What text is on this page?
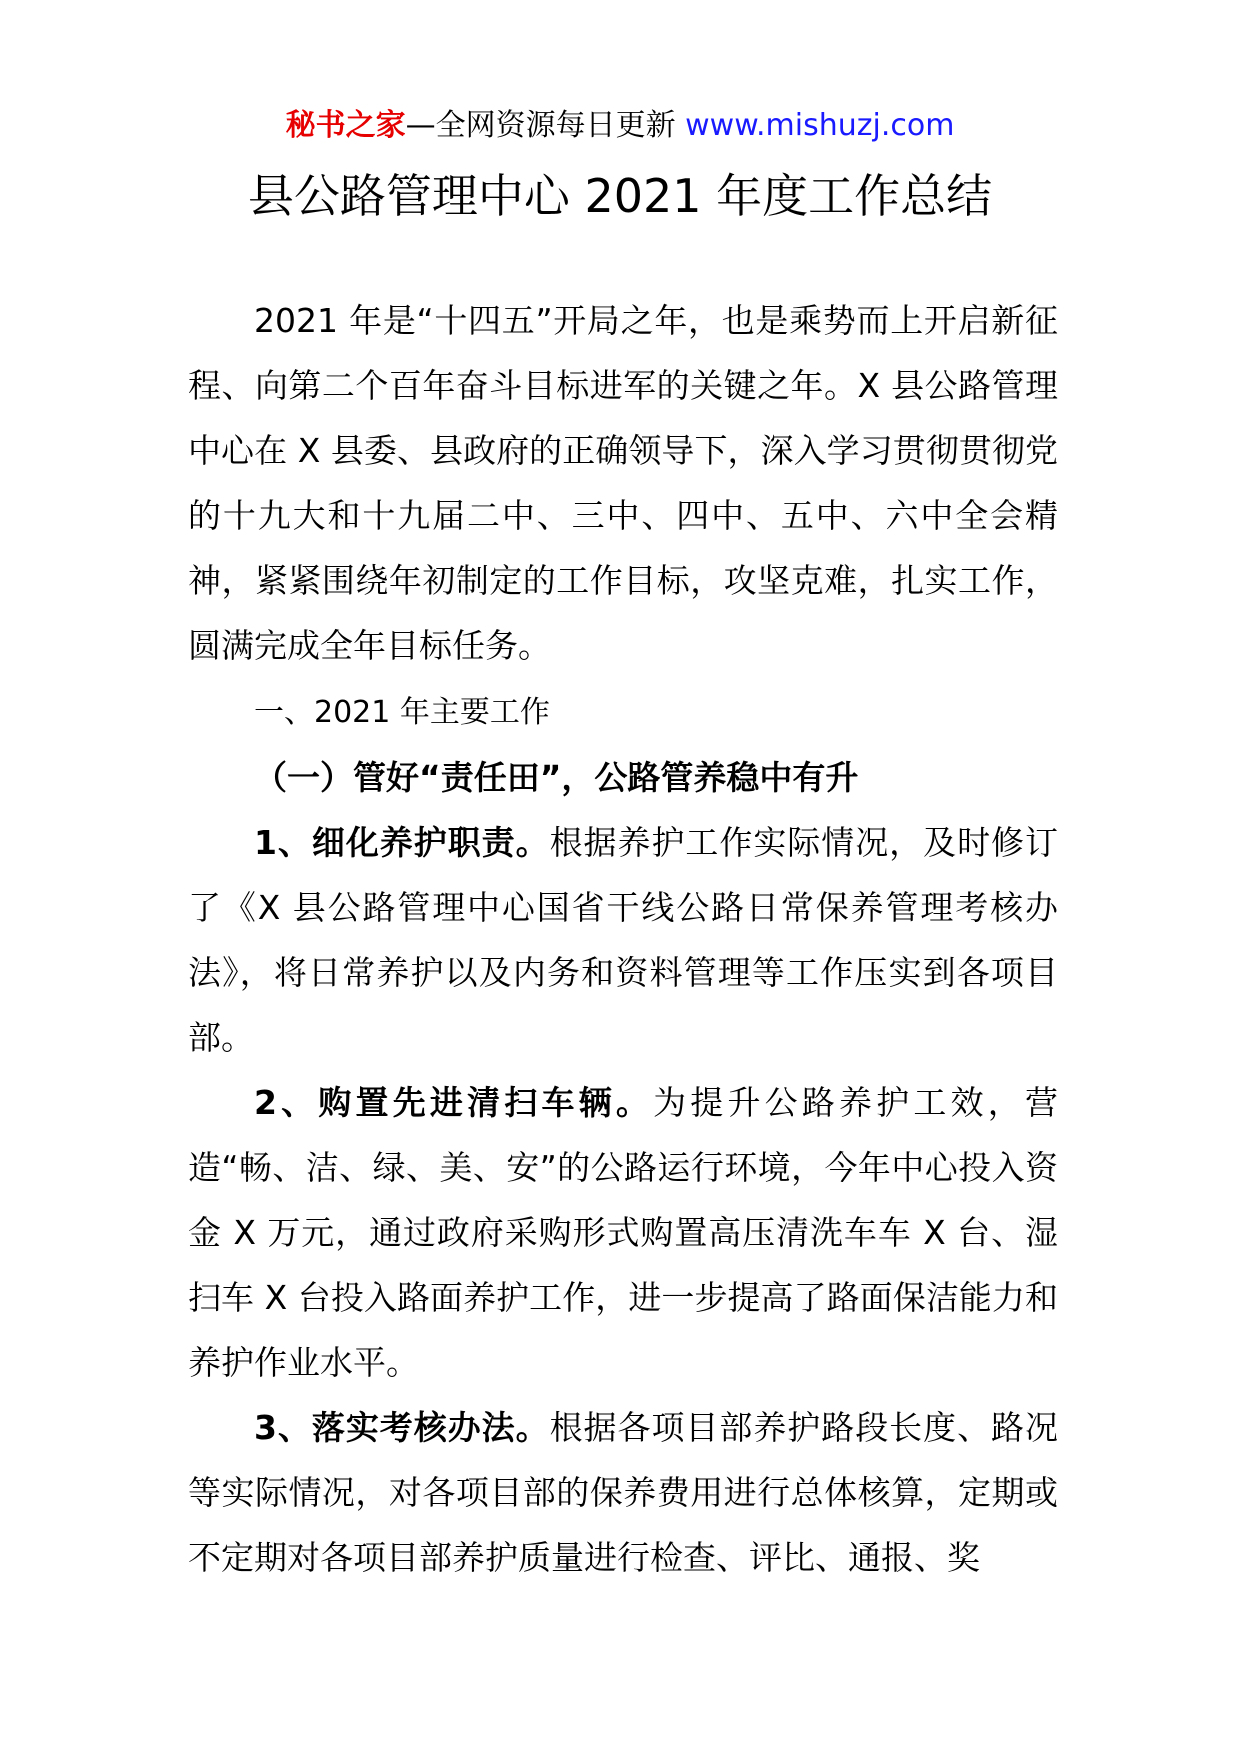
秘书之家—全网资源每日更新 www.mishuzj.com
县公路管理中心 2021 年度工作总结

2021 年是“十四五”开局之年，也是乘势而上开启新征程、向第二个百年奋斗目标进军的关键之年。X 县公路管理中心在 X 县委、县政府的正确领导下，深入学习贯彻贯彻党的十九大和十九届二中、三中、四中、五中、六中全会精神，紧紧围绕年初制定的工作目标，攻坚克难，扎实工作，圆满完成全年目标任务。

一、2021 年主要工作

（一）管好“责任田”，公路管养稳中有升

1、细化养护职责。根据养护工作实际情况，及时修订了《X 县公路管理中心国省干线公路日常保养管理考核办法》，将日常养护以及内务和资料管理等工作压实到各项目部。

2、购置先进清扫车辆。为提升公路养护工效，营造“畅、洁、绿、美、安”的公路运行环境，今年中心投入资金 X 万元，通过政府采购形式购置高压清洗车车 X 台、湿扫车 X 台投入路面养护工作，进一步提高了路面保洁能力和养护作业水平。

3、落实考核办法。根据各项目部养护路段长度、路况等实际情况，对各项目部的保养费用进行总体核算，定期或不定期对各项目部养护质量进行检查、评比、通报、奖
